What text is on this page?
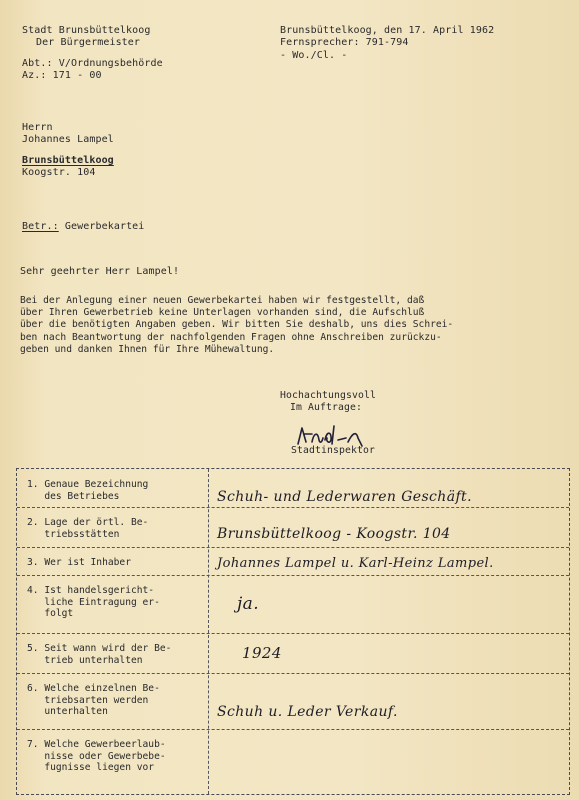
Stadt Brunsbüttelkoog
Der Bürgermeister
Abt.: V/Ordnungsbehörde
Az.: 171 - 00
Brunsbüttelkoog, den 17. April 1962
Fernsprecher: 791-794
- Wo./Cl. -
Herrn
Johannes Lampel
Brunsbüttelkoog
Koogstr. 104
Betr.: Gewerbekartei
Sehr geehrter Herr Lampel!
Bei der Anlegung einer neuen Gewerbekartei haben wir festgestellt, daß
über Ihren Gewerbetrieb keine Unterlagen vorhanden sind, die Aufschluß
über die benötigten Angaben geben. Wir bitten Sie deshalb, uns dies Schrei-
ben nach Beantwortung der nachfolgenden Fragen ohne Anschreiben zurückzu-
geben und danken Ihnen für Ihre Mühewaltung.
Hochachtungsvoll
Im Auftrage:
Stadtinspektor
1. Genaue Bezeichnung
des Betriebes	Schuh- und Lederwaren Geschäft.
2. Lage der örtl. Be-
triebsstätten	Brunsbüttelkoog - Koogstr. 104
3. Wer ist Inhaber	Johannes Lampel u. Karl-Heinz Lampel.
4. Ist handelsgericht-
liche Eintragung er-
folgt	ja.
5. Seit wann wird der Be-
trieb unterhalten	1924
6. Welche einzelnen Be-
triebsarten werden
unterhalten	Schuh u. Leder Verkauf.
7. Welche Gewerbeerlaub-
nisse oder Gewerbebe-
fugnisse liegen vor
